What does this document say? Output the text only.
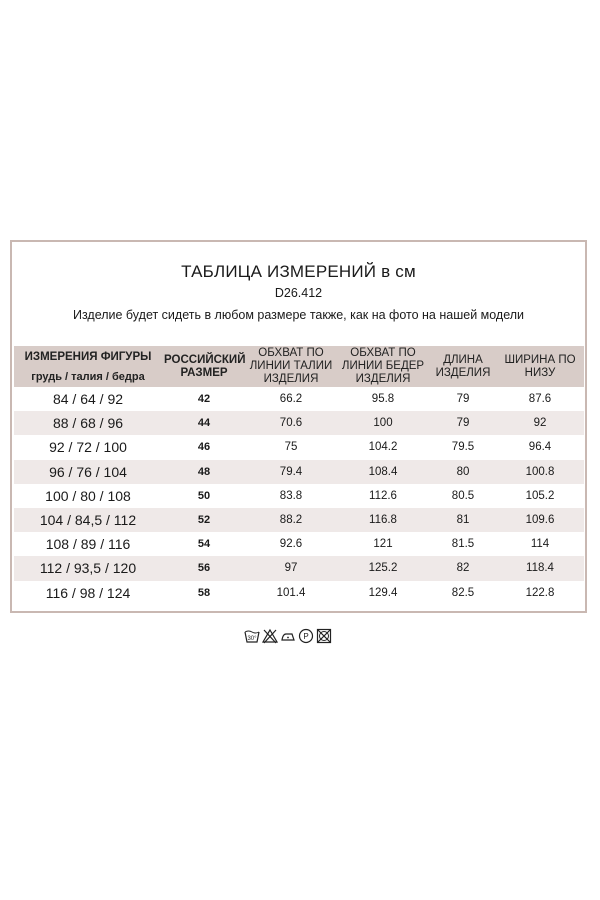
ТАБЛИЦА ИЗМЕРЕНИЙ в см
D26.412
Изделие будет сидеть в любом размере также, как на фото на нашей модели
ИЗМЕРЕНИЯ ФИГУРЫ
грудь / талия / бедра	РОССИЙСКИЙ РАЗМЕР	ОБХВАТ ПО ЛИНИИ ТАЛИИ ИЗДЕЛИЯ	ОБХВАТ ПО ЛИНИИ БЕДЕР ИЗДЕЛИЯ	ДЛИНА ИЗДЕЛИЯ	ШИРИНА ПО НИЗУ
84 / 64 / 92	42	66.2	95.8	79	87.6
88 / 68 / 96	44	70.6	100	79	92
92 / 72 / 100	46	75	104.2	79.5	96.4
96 / 76 / 104	48	79.4	108.4	80	100.8
100 / 80 / 108	50	83.8	112.6	80.5	105.2
104 / 84,5 / 112	52	88.2	116.8	81	109.6
108 / 89 / 116	54	92.6	121	81.5	114
112 / 93,5 / 120	56	97	125.2	82	118.4
116 / 98 / 124	58	101.4	129.4	82.5	122.8
30°	P
